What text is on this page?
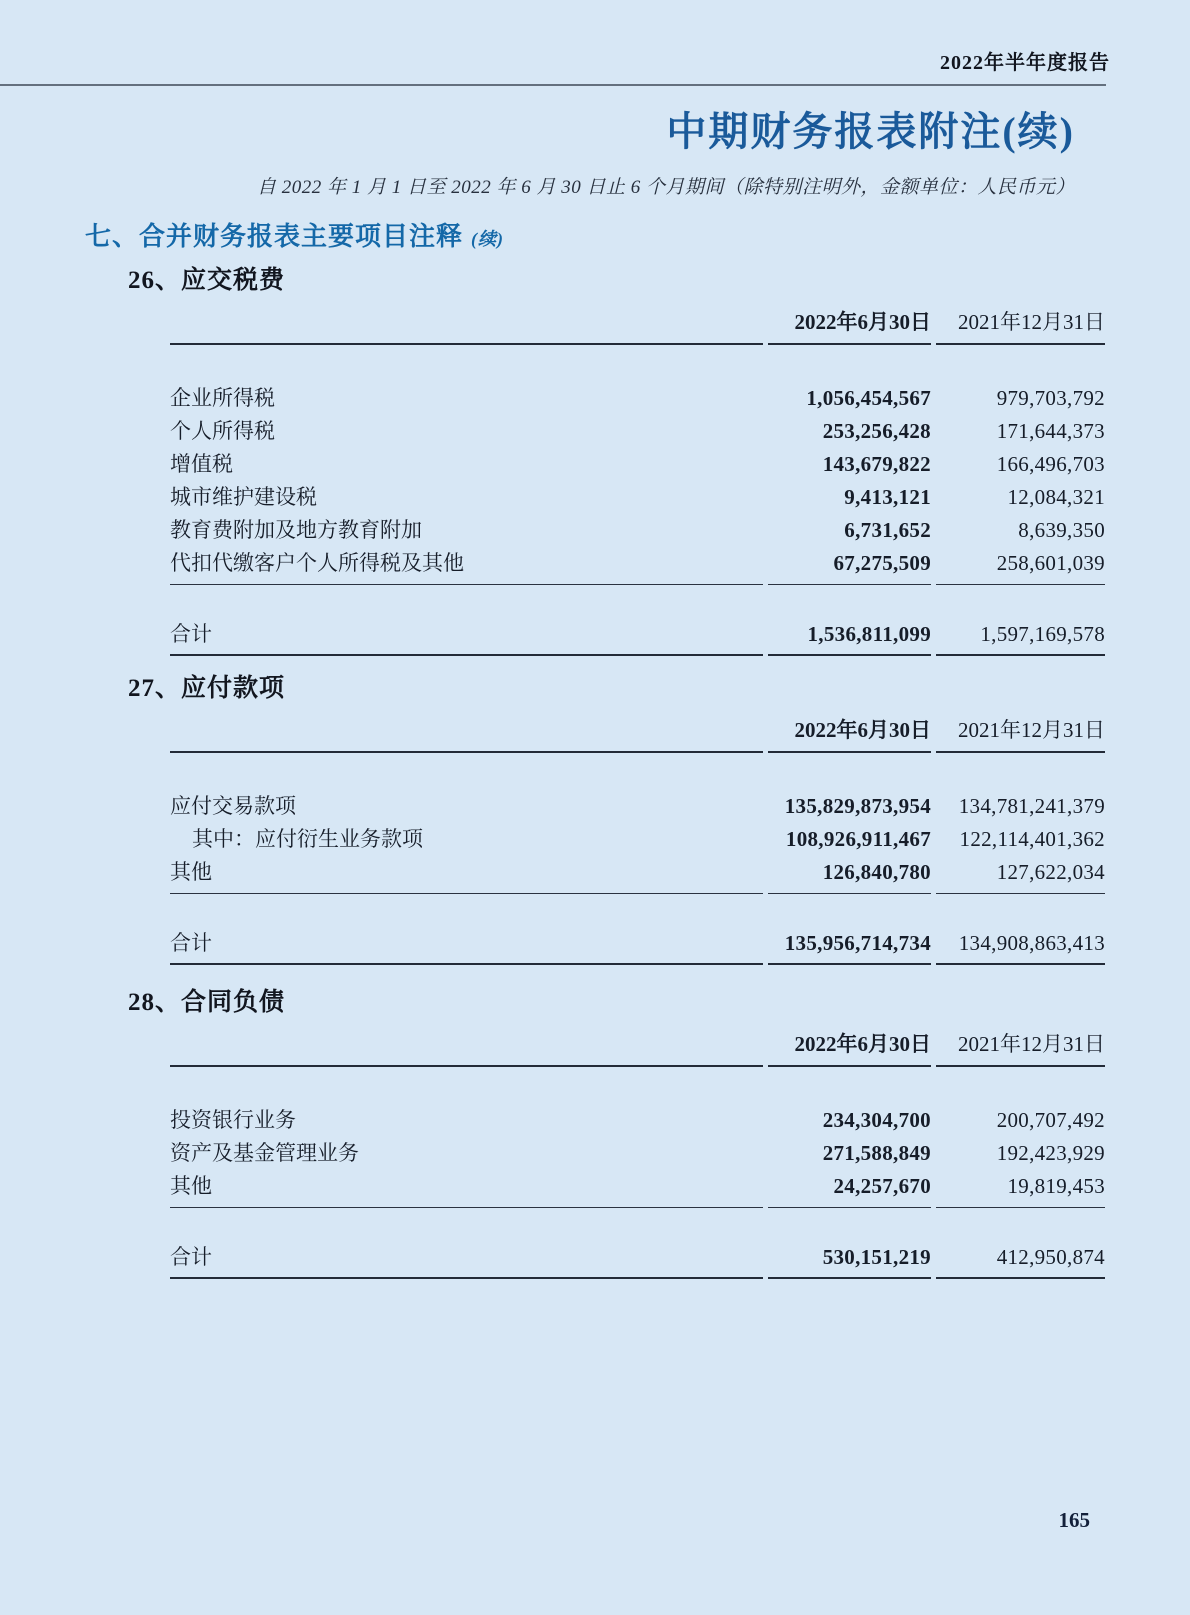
2022年半年度报告
中期财务报表附注(续)
自 2022 年 1 月 1 日至 2022 年 6 月 30 日止 6 个月期间（除特别注明外，金额单位：人民币元）
七、合并财务报表主要项目注释 (续)
26、应交税费
2022年6月30日	2021年12月31日
企业所得税	1,056,454,567	979,703,792
个人所得税	253,256,428	171,644,373
增值税	143,679,822	166,496,703
城市维护建设税	9,413,121	12,084,321
教育费附加及地方教育附加	6,731,652	8,639,350
代扣代缴客户个人所得税及其他	67,275,509	258,601,039
合计	1,536,811,099	1,597,169,578
27、应付款项
2022年6月30日	2021年12月31日
应付交易款项	135,829,873,954	134,781,241,379
其中：应付衍生业务款项	108,926,911,467	122,114,401,362
其他	126,840,780	127,622,034
合计	135,956,714,734	134,908,863,413
28、合同负债
2022年6月30日	2021年12月31日
投资银行业务	234,304,700	200,707,492
资产及基金管理业务	271,588,849	192,423,929
其他	24,257,670	19,819,453
合计	530,151,219	412,950,874
165
